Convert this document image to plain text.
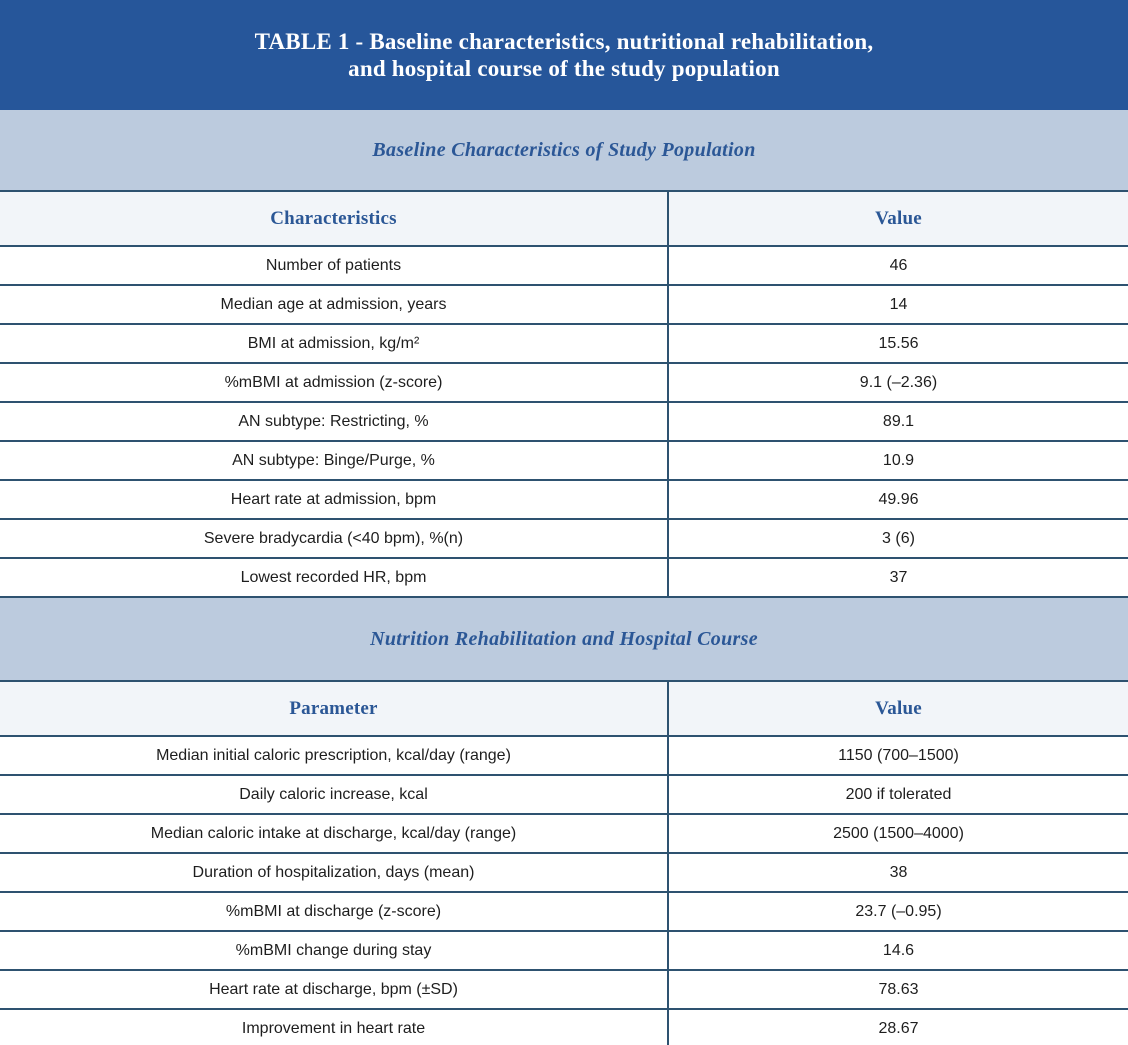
TABLE 1 - Baseline characteristics, nutritional rehabilitation,
and hospital course of the study population
Baseline Characteristics of Study Population
Characteristics	Value
Number of patients	46
Median age at admission, years	14
BMI at admission, kg/m²	15.56
%mBMI at admission (z-score)	9.1 (–2.36)
AN subtype: Restricting, %	89.1
AN subtype: Binge/Purge, %	10.9
Heart rate at admission, bpm	49.96
Severe bradycardia (<40 bpm), %(n)	3 (6)
Lowest recorded HR, bpm	37
Nutrition Rehabilitation and Hospital Course
Parameter	Value
Median initial caloric prescription, kcal/day (range)	1150 (700–1500)
Daily caloric increase, kcal	200 if tolerated
Median caloric intake at discharge, kcal/day (range)	2500 (1500–4000)
Duration of hospitalization, days (mean)	38
%mBMI at discharge (z-score)	23.7 (–0.95)
%mBMI change during stay	14.6
Heart rate at discharge, bpm (±SD)	78.63
Improvement in heart rate	28.67
